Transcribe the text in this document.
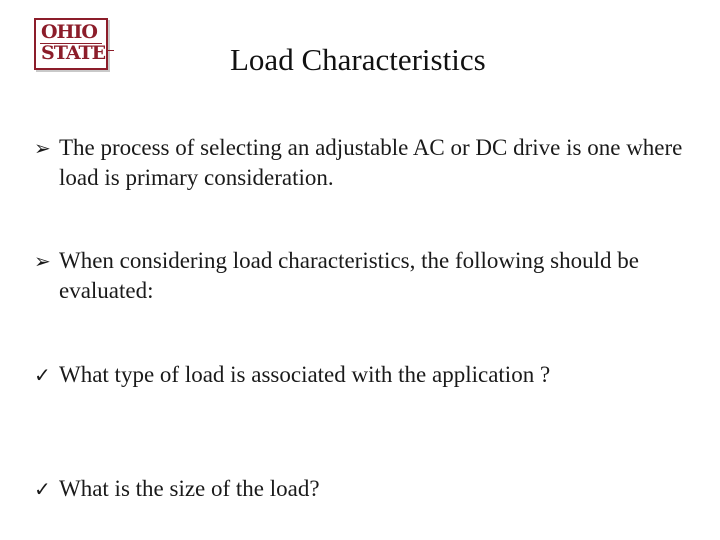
OHIO
STATE	Load Characteristics
➢ The process of selecting an adjustable AC or DC drive is one where load is primary consideration.
➢ When considering load characteristics, the following should be evaluated:
✓ What type of load is associated with the application ?
✓ What is the size of the load?
